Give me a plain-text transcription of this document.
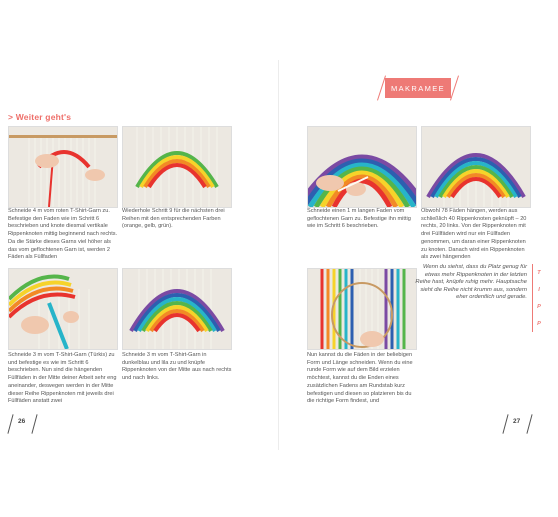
> Weiter geht's
Schneide 4 m vom roten T-Shirt-Garn zu. Befestige den Faden wie im Schritt 6 beschrieben und knote diesmal vertikale Rippenknoten mittig beginnend nach rechts. Da die Stärke dieses Garns viel höher als das vom geflochtenen Garn ist, werden 2 Fäden als Füllfaden
Wiederhole Schritt 9 für die nächsten drei Reihen mit den entsprechenden Farben (orange, gelb, grün).
Schneide 3 m vom T-Shirt-Garn (Türkis) zu und befestige es wie im Schritt 6 beschrieben. Nun sind die hängenden Füllfäden in der Mitte deiner Arbeit sehr eng aneinander, deswegen werden in der Mitte dieser Reihe Rippenknoten mit jeweils drei Füllfäden anstatt zwei
Schneide 3 m vom T-Shirt-Garn in dunkelblau und lila zu und knüpfe Rippenknoten von der Mitte aus nach rechts und nach links.
26
MAKRAMEE
Schneide einen 1 m langen Faden vom geflochtenen Garn zu. Befestige ihn mittig wie im Schritt 6 beschrieben.
Obwohl 78 Fäden hängen, werden aus schließlich 40 Rippenknoten geknüpft – 20 rechts, 20 links. Von der Rippenknoten mit drei Füllfäden wird nur ein Füllfaden genommen, um daran einer Rippenknoten zu knoten. Danach wird ein Rippenknoten als zwei hängenden
Nun kannst du die Fäden in der beliebigen Form und Länge schneiden. Wenn du eine runde Form wie auf dem Bild erzielen möchtest, kannst du die Enden eines zusätzlichen Fadens am Rundstab kurz befestigen und diesen so platzieren bis du die richtige Form findest, und
Wenn du siehst, dass du Platz genug für etwas mehr Rippenknoten in der letzten Reihe hast, knüpfe ruhig mehr. Hauptsache sieht die Reihe nicht krumm aus, sondern eher ordentlich und gerade.
T
I
P
P
27
